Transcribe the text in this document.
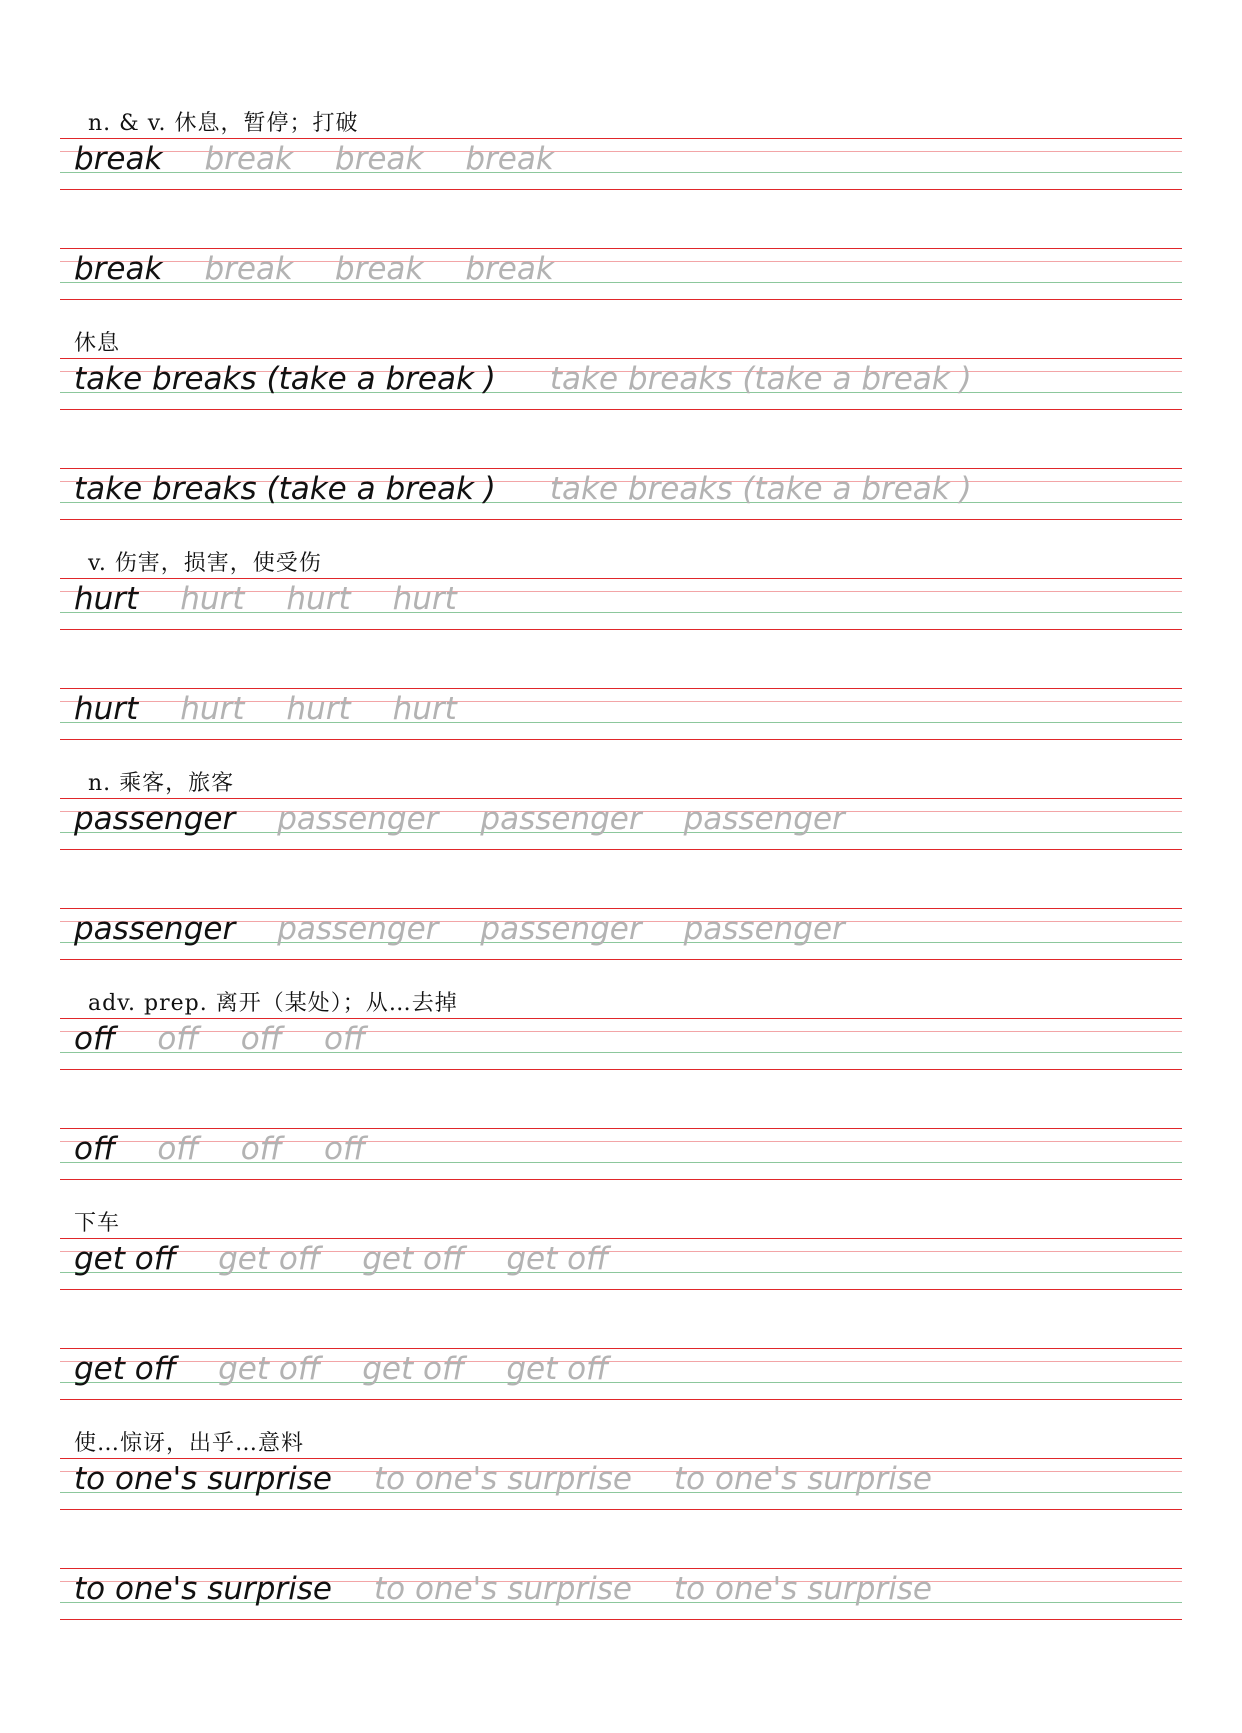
n. & v. 休息，暂停；打破
break break break break
break break break break
休息
take breaks (take a break ) take breaks (take a break )
take breaks (take a break ) take breaks (take a break )
v. 伤害，损害，使受伤
hurt hurt hurt hurt
hurt hurt hurt hurt
n. 乘客，旅客
passenger passenger passenger passenger
passenger passenger passenger passenger
adv. prep. 离开（某处）；从…去掉
off off off off
off off off off
下车
get off get off get off get off
get off get off get off get off
使…惊讶，出乎…意料
to one's surprise to one's surprise to one's surprise
to one's surprise to one's surprise to one's surprise
